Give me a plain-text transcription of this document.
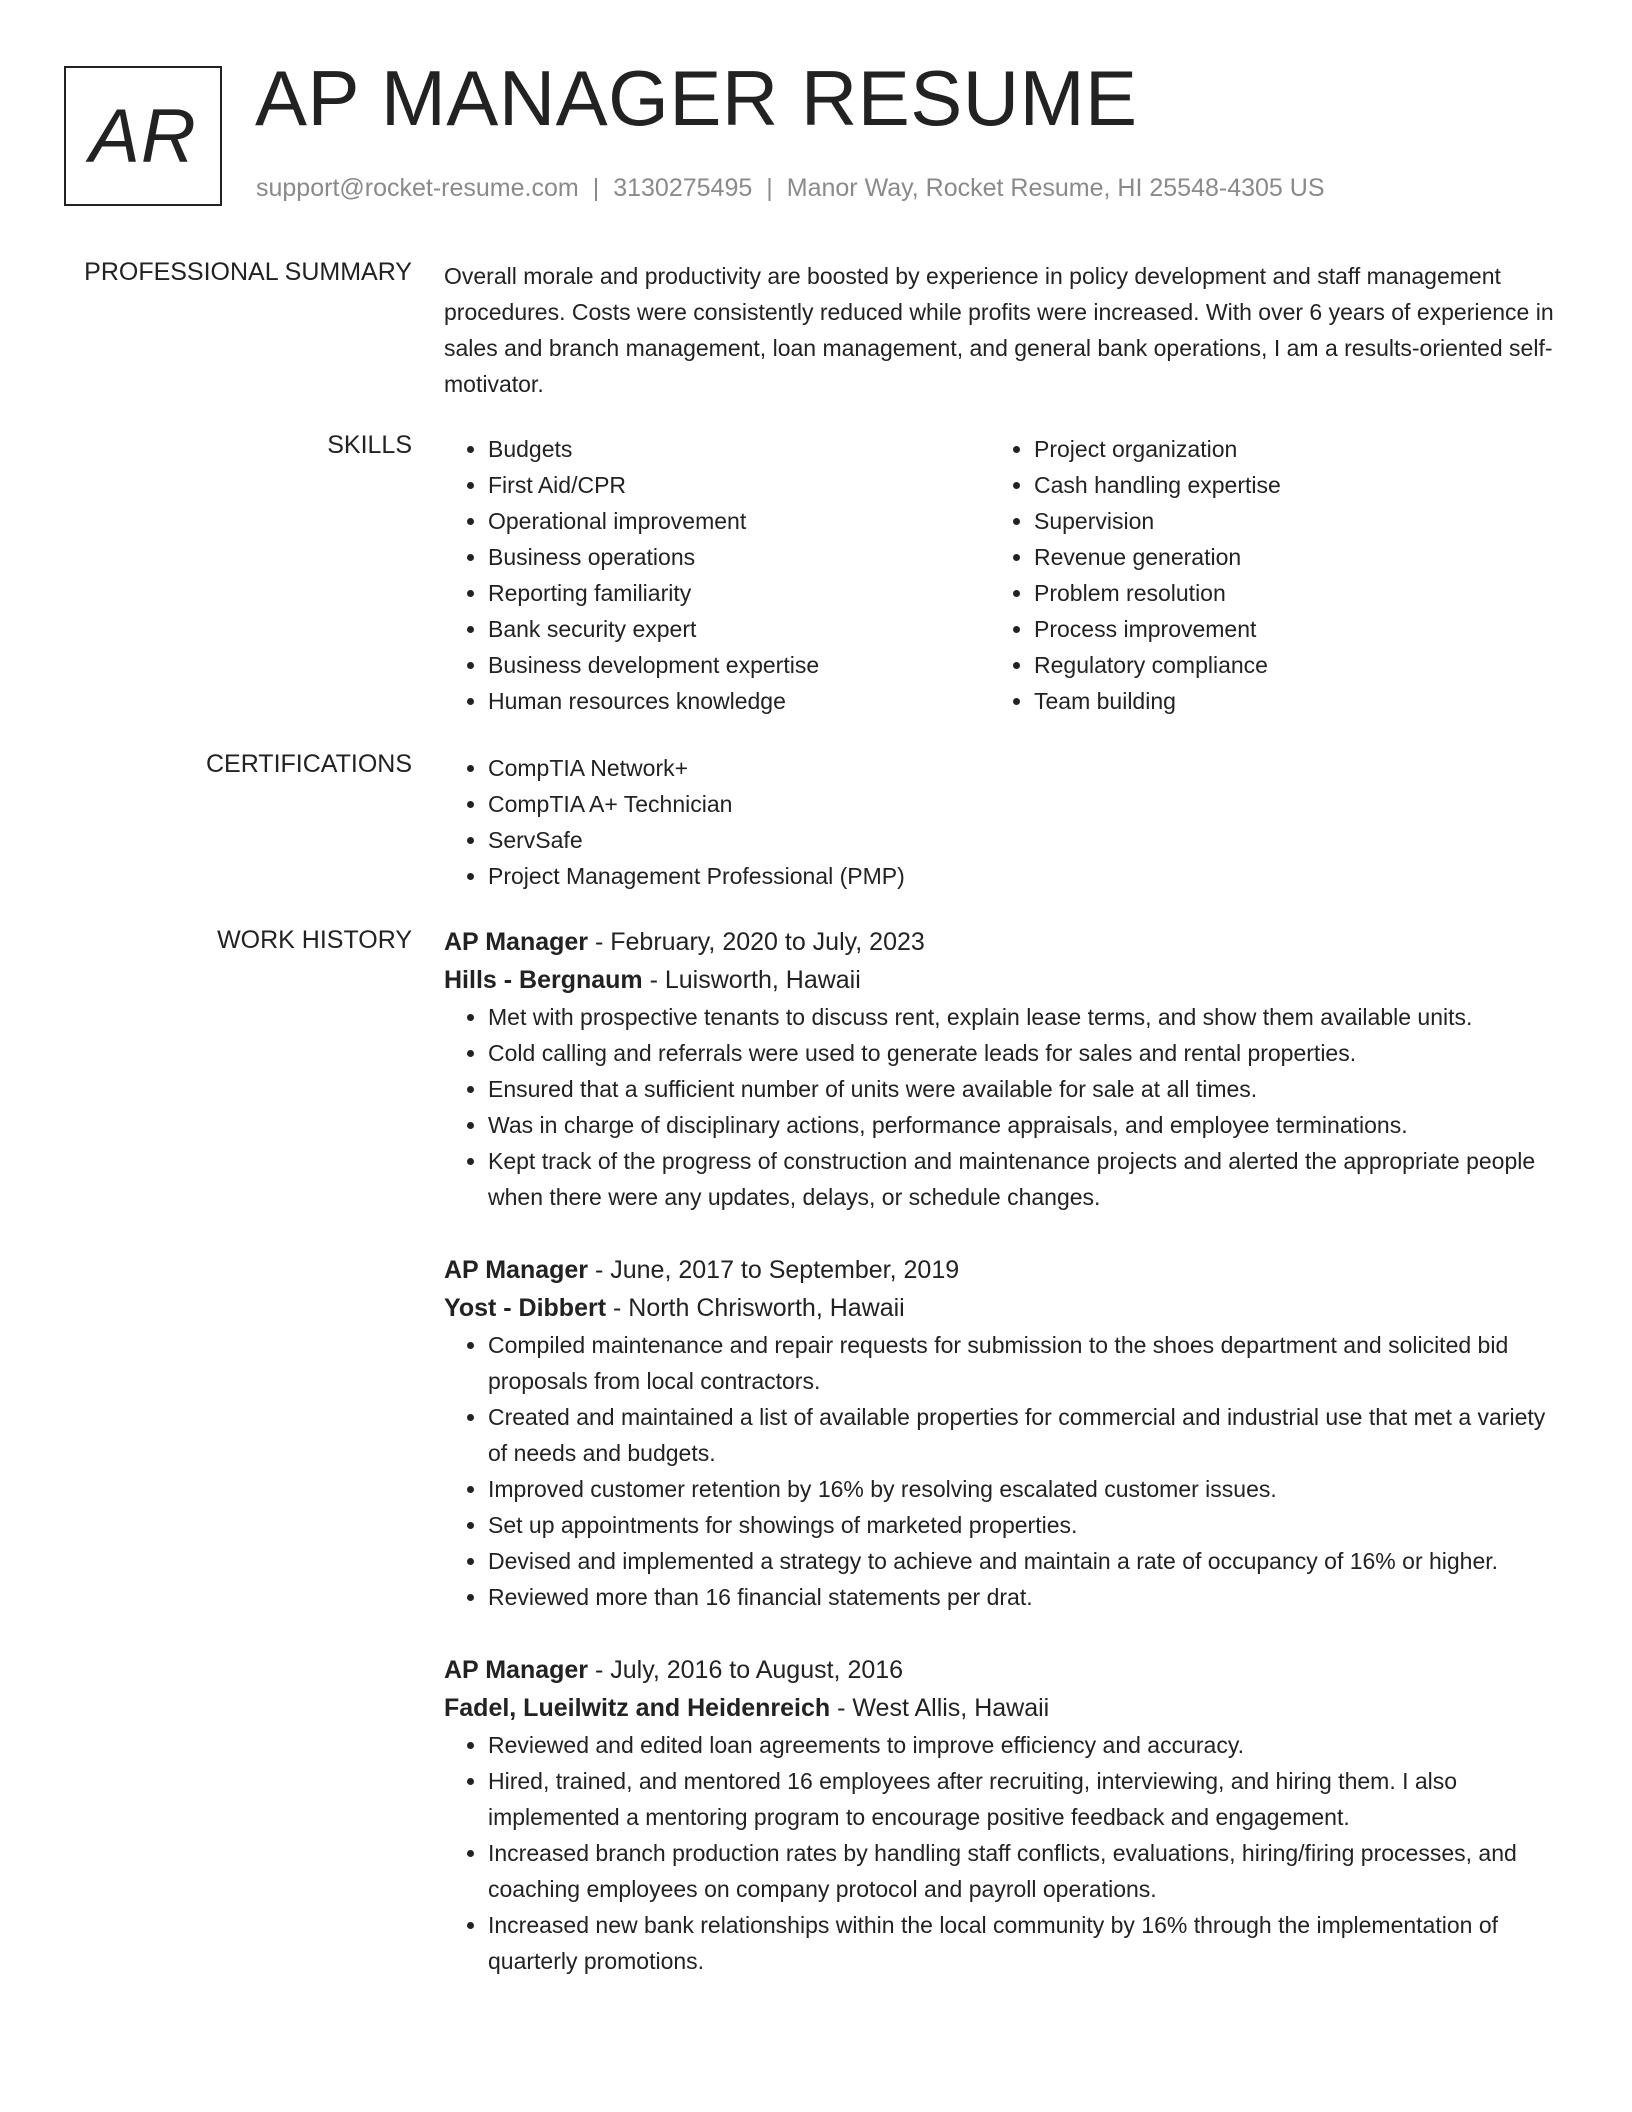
AR AP MANAGER RESUME
support@rocket-resume.com | 3130275495 | Manor Way, Rocket Resume, HI 25548-4305 US
PROFESSIONAL SUMMARY Overall morale and productivity are boosted by experience in policy development and staff management procedures. Costs were consistently reduced while profits were increased. With over 6 years of experience in sales and branch management, loan management, and general bank operations, I am a results-oriented self-motivator.

SKILLS	• Budgets
• First Aid/CPR
• Operational improvement
• Business operations
• Reporting familiarity
• Bank security expert
• Business development expertise
• Human resources knowledge
• Project organization
• Cash handling expertise
• Supervision
• Revenue generation
• Problem resolution
• Process improvement
• Regulatory compliance
• Team building
CERTIFICATIONS	• CompTIA Network+
• CompTIA A+ Technician
• ServSafe
• Project Management Professional (PMP)
WORK HISTORY AP Manager - February, 2020 to July, 2023
Hills - Bergnaum - Luisworth, Hawaii
• Met with prospective tenants to discuss rent, explain lease terms, and show them available units.
• Cold calling and referrals were used to generate leads for sales and rental properties.
• Ensured that a sufficient number of units were available for sale at all times.
• Was in charge of disciplinary actions, performance appraisals, and employee terminations.
• Kept track of the progress of construction and maintenance projects and alerted the appropriate people when there were any updates, delays, or schedule changes.
AP Manager - June, 2017 to September, 2019
Yost - Dibbert - North Chrisworth, Hawaii
• Compiled maintenance and repair requests for submission to the shoes department and solicited bid proposals from local contractors.
• Created and maintained a list of available properties for commercial and industrial use that met a variety of needs and budgets.
• Improved customer retention by 16% by resolving escalated customer issues.
• Set up appointments for showings of marketed properties.
• Devised and implemented a strategy to achieve and maintain a rate of occupancy of 16% or higher.
• Reviewed more than 16 financial statements per drat.
AP Manager - July, 2016 to August, 2016
Fadel, Lueilwitz and Heidenreich - West Allis, Hawaii
• Reviewed and edited loan agreements to improve efficiency and accuracy.
• Hired, trained, and mentored 16 employees after recruiting, interviewing, and hiring them. I also implemented a mentoring program to encourage positive feedback and engagement.
• Increased branch production rates by handling staff conflicts, evaluations, hiring/firing processes, and coaching employees on company protocol and payroll operations.
• Increased new bank relationships within the local community by 16% through the implementation of quarterly promotions.
